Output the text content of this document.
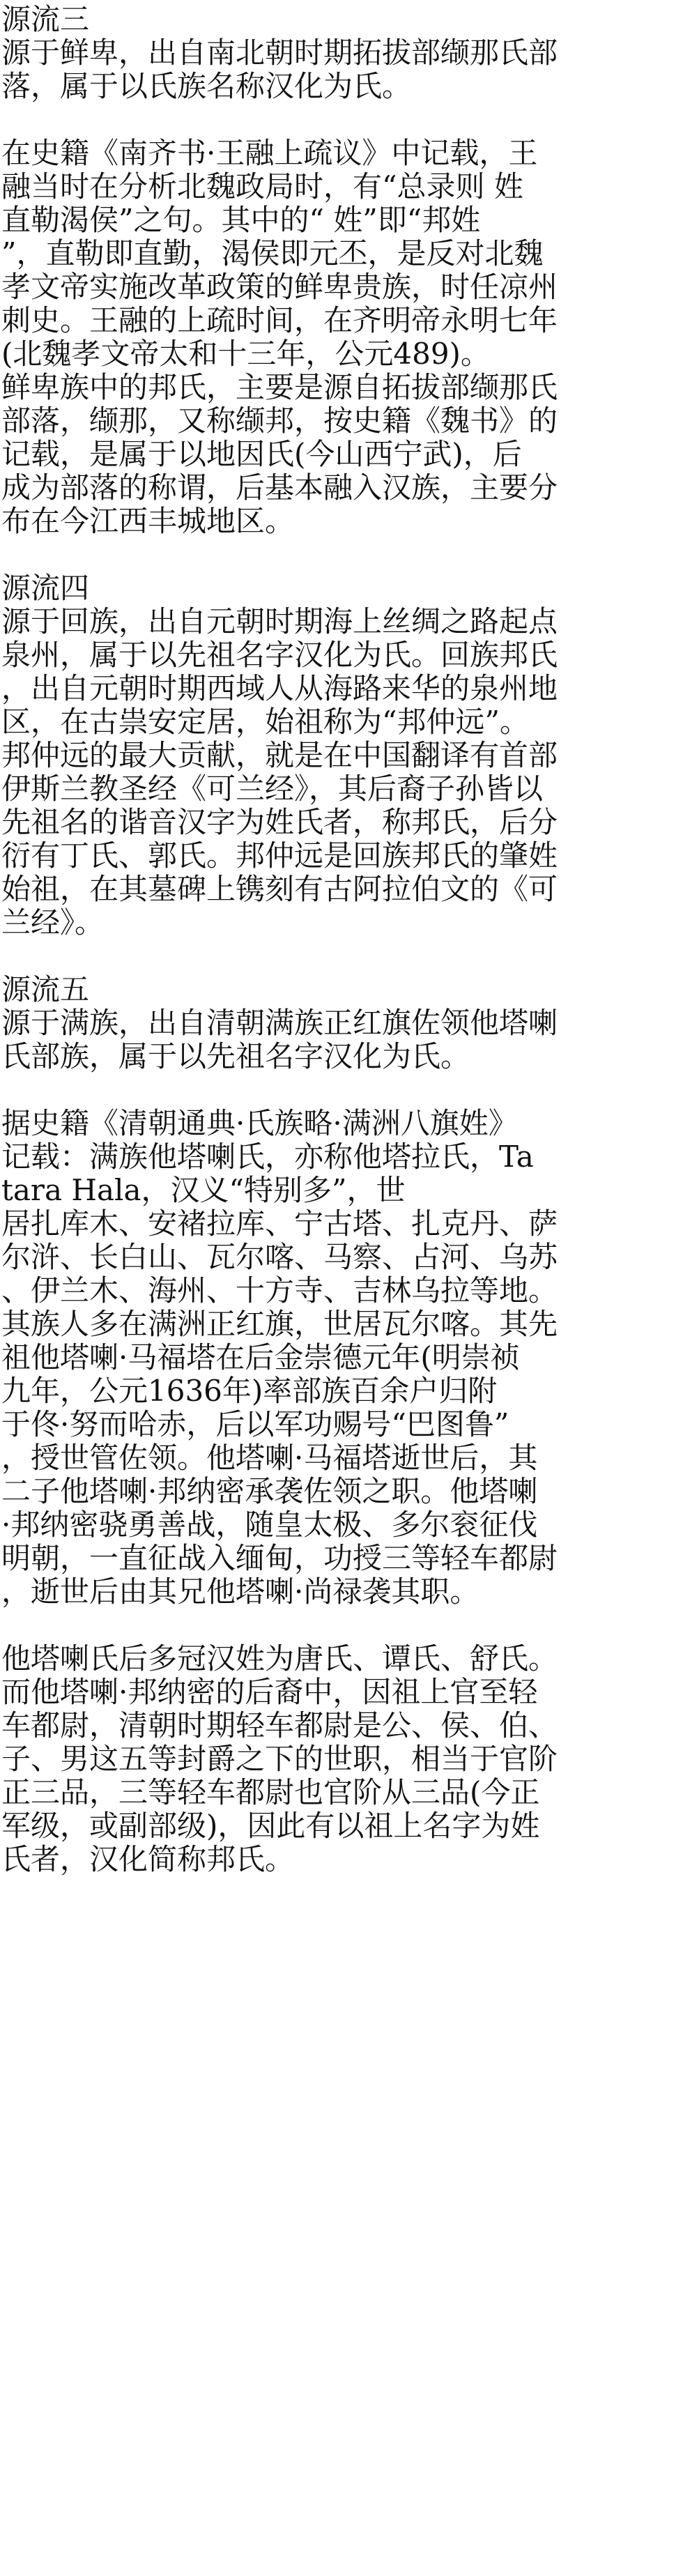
源流三
源于鲜卑，出自南北朝时期拓拔部缬那氏部
落，属于以氏族名称汉化为氏。
在史籍《南齐书·王融上疏议》中记载，王
融当时在分析北魏政局时，有“总录则 姓
直勒渴侯”之句。其中的“ 姓”即“邦姓
”，直勒即直勤，渴侯即元丕，是反对北魏
孝文帝实施改革政策的鲜卑贵族，时任凉州
刺史。王融的上疏时间，在齐明帝永明七年
(北魏孝文帝太和十三年，公元489)。
鲜卑族中的邦氏，主要是源自拓拔部缬那氏
部落，缬那，又称缬邦，按史籍《魏书》的
记载，是属于以地因氏(今山西宁武)，后
成为部落的称谓，后基本融入汉族，主要分
布在今江西丰城地区。
源流四
源于回族，出自元朝时期海上丝绸之路起点
泉州，属于以先祖名字汉化为氏。回族邦氏
，出自元朝时期西域人从海路来华的泉州地
区，在古祟安定居，始祖称为“邦仲远”。
邦仲远的最大贡献，就是在中国翻译有首部
伊斯兰教圣经《可兰经》，其后裔子孙皆以
先祖名的谐音汉字为姓氏者，称邦氏，后分
衍有丁氏、郭氏。邦仲远是回族邦氏的肇姓
始祖，在其墓碑上镌刻有古阿拉伯文的《可
兰经》。
源流五
源于满族，出自清朝满族正红旗佐领他塔喇
氏部族，属于以先祖名字汉化为氏。
据史籍《清朝通典·氏族略·满洲八旗姓》
记载：满族他塔喇氏，亦称他塔拉氏，Ta
tara Hala，汉义“特别多”，世
居扎库木、安褚拉库、宁古塔、扎克丹、萨
尔浒、长白山、瓦尔喀、马察、占河、乌苏
、伊兰木、海州、十方寺、吉林乌拉等地。
其族人多在满洲正红旗，世居瓦尔喀。其先
祖他塔喇·马福塔在后金崇德元年(明崇祯
九年，公元1636年)率部族百余户归附
于佟·努而哈赤，后以军功赐号“巴图鲁”
，授世管佐领。他塔喇·马福塔逝世后，其
二子他塔喇·邦纳密承袭佐领之职。他塔喇
·邦纳密骁勇善战，随皇太极、多尔衮征伐
明朝，一直征战入缅甸，功授三等轻车都尉
，逝世后由其兄他塔喇·尚禄袭其职。
他塔喇氏后多冠汉姓为唐氏、谭氏、舒氏。
而他塔喇·邦纳密的后裔中，因祖上官至轻
车都尉，清朝时期轻车都尉是公、侯、伯、
子、男这五等封爵之下的世职，相当于官阶
正三品，三等轻车都尉也官阶从三品(今正
军级，或副部级)，因此有以祖上名字为姓
氏者，汉化简称邦氏。
